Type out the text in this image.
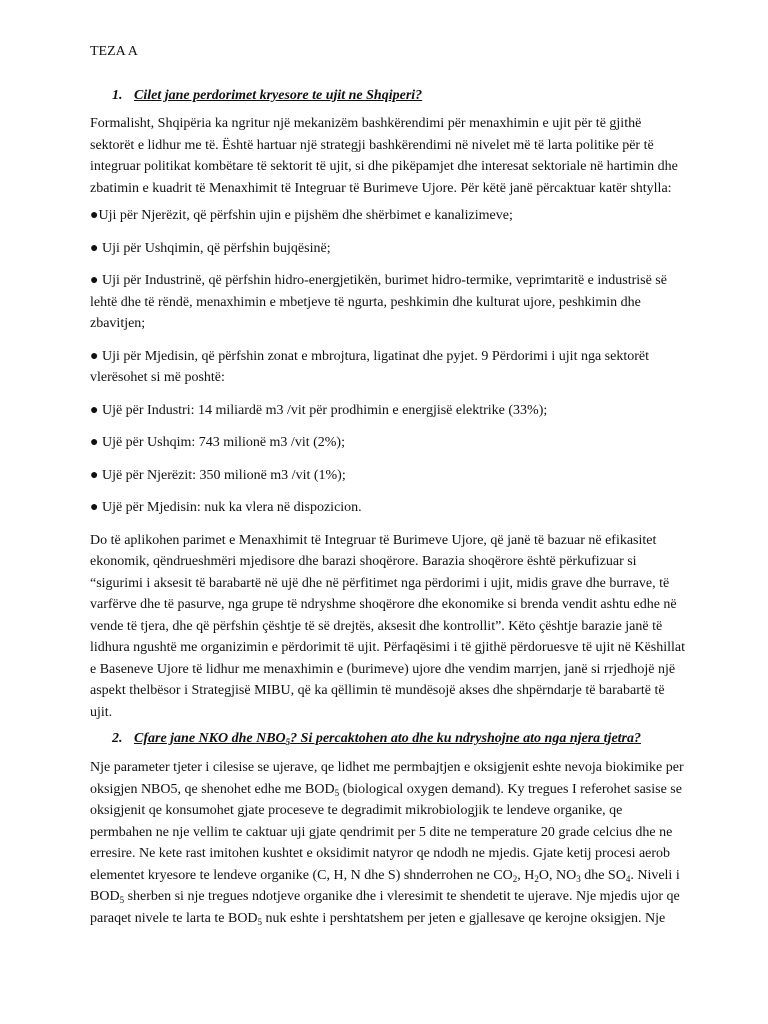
TEZA A
1. Cilet jane perdorimet kryesore te ujit ne Shqiperi?

Formalisht, Shqipëria ka ngritur një mekanizëm bashkërendimi për menaxhimin e ujit për të gjithë sektorët e lidhur me të. Është hartuar një strategji bashkërendimi në nivelet më të larta politike për të integruar politikat kombëtare të sektorit të ujit, si dhe pikëpamjet dhe interesat sektoriale në hartimin dhe zbatimin e kuadrit të Menaxhimit të Integruar të Burimeve Ujore. Për këtë janë përcaktuar katër shtylla:

●Uji për Njerëzit, që përfshin ujin e pijshëm dhe shërbimet e kanalizimeve;
● Uji për Ushqimin, që përfshin bujqësinë;
● Uji për Industrinë, që përfshin hidro-energjetikën, burimet hidro-termike, veprimtaritë e industrisë së lehtë dhe të rëndë, menaxhimin e mbetjeve të ngurta, peshkimin dhe kulturat ujore, peshkimin dhe zbavitjen;
● Uji për Mjedisin, që përfshin zonat e mbrojtura, ligatinat dhe pyjet. 9 Përdorimi i ujit nga sektorët vlerësohet si më poshtë:
● Ujë për Industri: 14 miliardë m3 /vit për prodhimin e energjisë elektrike (33%);
● Ujë për Ushqim: 743 milionë m3 /vit (2%);
● Ujë për Njerëzit: 350 milionë m3 /vit (1%);
● Ujë për Mjedisin: nuk ka vlera në dispozicion.

Do të aplikohen parimet e Menaxhimit të Integruar të Burimeve Ujore, që janë të bazuar në efikasitet ekonomik, qëndrueshmëri mjedisore dhe barazi shoqërore. Barazia shoqërore është përkufizuar si “sigurimi i aksesit të barabartë në ujë dhe në përfitimet nga përdorimi i ujit, midis grave dhe burrave, të varfërve dhe të pasurve, nga grupe të ndryshme shoqërore dhe ekonomike si brenda vendit ashtu edhe në vende të tjera, dhe që përfshin çështje të së drejtës, aksesit dhe kontrollit”. Këto çështje barazie janë të lidhura ngushtë me organizimin e përdorimit të ujit. Përfaqësimi i të gjithë përdoruesve të ujit në Këshillat e Baseneve Ujore të lidhur me menaxhimin e (burimeve) ujore dhe vendim marrjen, janë si rrjedhojë një aspekt thelbësor i Strategjisë MIBU, që ka qëllimin të mundësojë akses dhe shpërndarje të barabartë të ujit.

2. Cfare jane NKO dhe $NBO_5$? Si percaktohen ato dhe ku ndryshojne ato nga njera tjetra?

Nje parameter tjeter i cilesise se ujerave, qe lidhet me permbajtjen e oksigjenit eshte nevoja biokimike per oksigjen NBO5, qe shenohet edhe me $BOD_5$ (biological oxygen demand). Ky tregues I referohet sasise se oksigjenit qe konsumohet gjate proceseve te degradimit mikrobiologjik te lendeve organike, qe permbahen ne nje vellim te caktuar uji gjate qendrimit per 5 dite ne temperature 20 grade celcius dhe ne erresire. Ne kete rast imitohen kushtet e oksidimit natyror qe ndodh ne mjedis. Gjate ketij procesi aerob elementet kryesore te lendeve organike (C, H, N dhe S) shnderrohen ne $CO_2$, $H_2O$, $NO_3$ dhe $SO_4$. Niveli i $BOD_5$ sherben si nje tregues ndotjeve organike dhe i vleresimit te shendetit te ujerave. Nje mjedis ujor qe paraqet nivele te larta te $BOD_5$ nuk eshte i pershtatshem per jeten e gjallesave qe kerojne oksigjen. Nje
